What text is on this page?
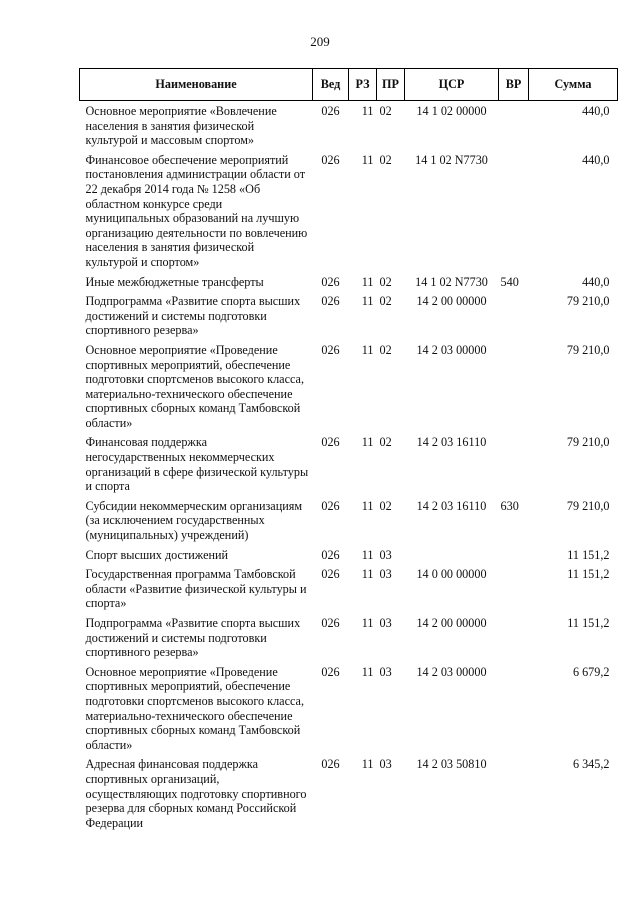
209
Наименование	Вед	РЗ	ПР	ЦСР	ВР	Сумма
Основное мероприятие «Вовлечение населения в занятия физической культурой и массовым спортом»	026	11	02	14 1 02 00000		440,0
Финансовое обеспечение мероприятий постановления администрации области от 22 декабря 2014 года № 1258 «Об областном конкурсе среди муниципальных образований на лучшую организацию деятельности по вовлечению населения в занятия физической культурой и спортом»	026	11	02	14 1 02 N7730		440,0
Иные межбюджетные трансферты	026	11	02	14 1 02 N7730	540	440,0
Подпрограмма «Развитие спорта высших достижений и системы подготовки спортивного резерва»	026	11	02	14 2 00 00000		79 210,0
Основное мероприятие «Проведение спортивных мероприятий, обеспечение подготовки спортсменов высокого класса, материально-технического обеспечение спортивных сборных команд Тамбовской области»	026	11	02	14 2 03 00000		79 210,0
Финансовая поддержка негосударственных некоммерческих организаций в сфере физической культуры и спорта	026	11	02	14 2 03 16110		79 210,0
Субсидии некоммерческим организациям (за исключением государственных (муниципальных) учреждений)	026	11	02	14 2 03 16110	630	79 210,0
Спорт высших достижений	026	11	03			11 151,2
Государственная программа Тамбовской области «Развитие физической культуры и спорта»	026	11	03	14 0 00 00000		11 151,2
Подпрограмма «Развитие спорта высших достижений и системы подготовки спортивного резерва»	026	11	03	14 2 00 00000		11 151,2
Основное мероприятие «Проведение спортивных мероприятий, обеспечение подготовки спортсменов высокого класса, материально-технического обеспечение спортивных сборных команд Тамбовской области»	026	11	03	14 2 03 00000		6 679,2
Адресная финансовая поддержка спортивных организаций, осуществляющих подготовку спортивного резерва для сборных команд Российской Федерации	026	11	03	14 2 03 50810		6 345,2
